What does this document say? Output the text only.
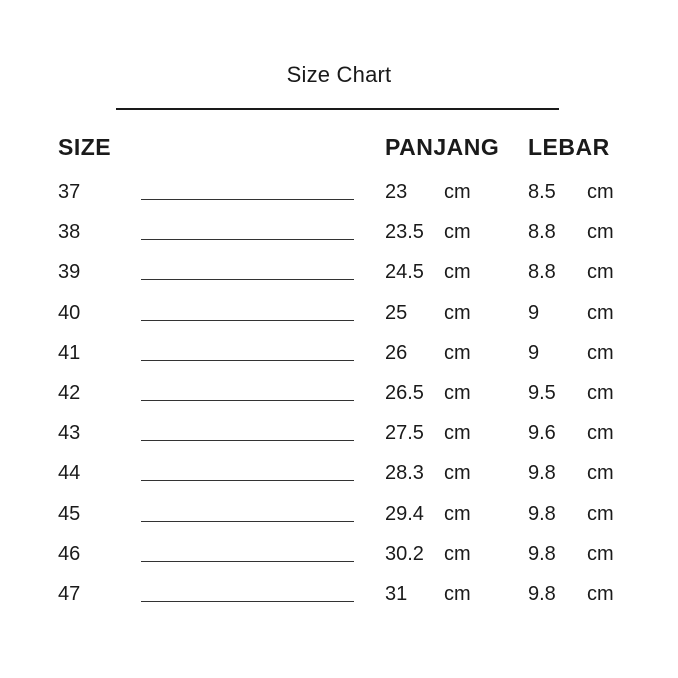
Size Chart
SIZE	PANJANG LEBAR
37	23 cm	8.5 cm
38	23.5 cm	8.8 cm
39	24.5 cm	8.8 cm
40	25 cm	9 cm
41	26 cm	9 cm
42	26.5 cm	9.5 cm
43	27.5 cm	9.6 cm
44	28.3 cm	9.8 cm
45	29.4 cm	9.8 cm
46	30.2 cm	9.8 cm
47	31 cm	9.8 cm
